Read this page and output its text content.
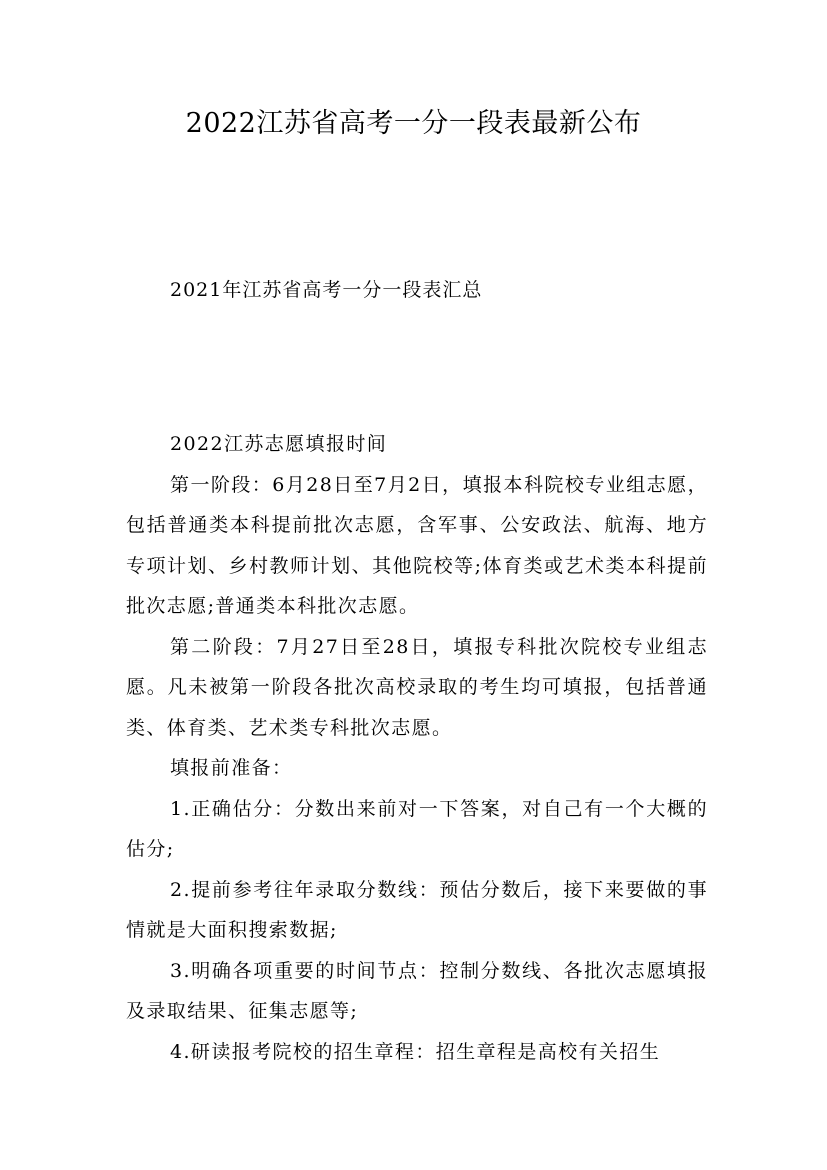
2022江苏省高考一分一段表最新公布
2021年江苏省高考一分一段表汇总

2022江苏志愿填报时间

第一阶段：6月28日至7月2日，填报本科院校专业组志愿，包括普通类本科提前批次志愿，含军事、公安政法、航海、地方专项计划、乡村教师计划、其他院校等;体育类或艺术类本科提前批次志愿;普通类本科批次志愿。

第二阶段：7月27日至28日，填报专科批次院校专业组志愿。凡未被第一阶段各批次高校录取的考生均可填报，包括普通类、体育类、艺术类专科批次志愿。

填报前准备：

1.正确估分：分数出来前对一下答案，对自己有一个大概的估分;

2.提前参考往年录取分数线：预估分数后，接下来要做的事情就是大面积搜索数据;

3.明确各项重要的时间节点：控制分数线、各批次志愿填报及录取结果、征集志愿等;

4.研读报考院校的招生章程：招生章程是高校有关招生
